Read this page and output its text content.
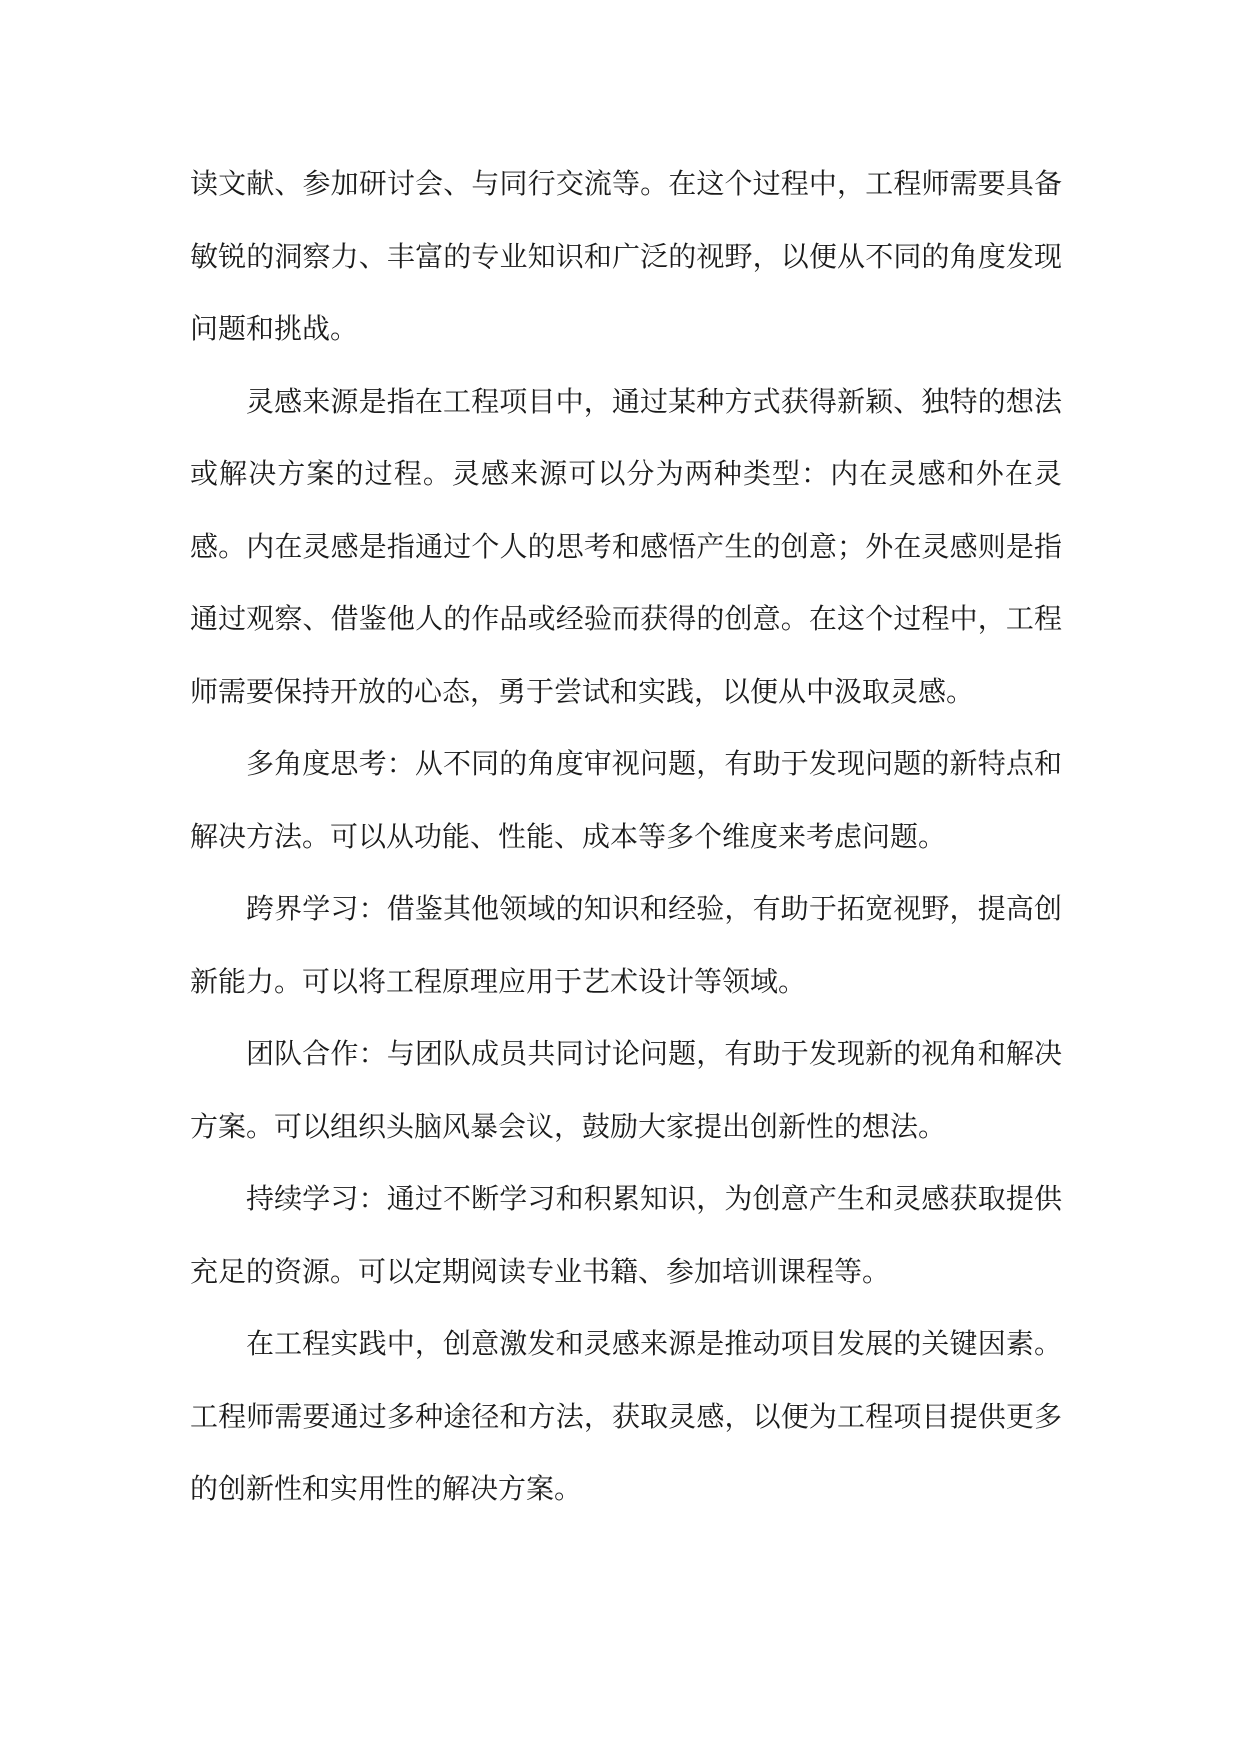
读文献、参加研讨会、与同行交流等。在这个过程中，工程师需要具备敏锐的洞察力、丰富的专业知识和广泛的视野，以便从不同的角度发现问题和挑战。

灵感来源是指在工程项目中，通过某种方式获得新颖、独特的想法或解决方案的过程。灵感来源可以分为两种类型：内在灵感和外在灵感。内在灵感是指通过个人的思考和感悟产生的创意；外在灵感则是指通过观察、借鉴他人的作品或经验而获得的创意。在这个过程中，工程师需要保持开放的心态，勇于尝试和实践，以便从中汲取灵感。

多角度思考：从不同的角度审视问题，有助于发现问题的新特点和解决方法。可以从功能、性能、成本等多个维度来考虑问题。

跨界学习：借鉴其他领域的知识和经验，有助于拓宽视野，提高创新能力。可以将工程原理应用于艺术设计等领域。

团队合作：与团队成员共同讨论问题，有助于发现新的视角和解决方案。可以组织头脑风暴会议，鼓励大家提出创新性的想法。

持续学习：通过不断学习和积累知识，为创意产生和灵感获取提供充足的资源。可以定期阅读专业书籍、参加培训课程等。

在工程实践中，创意激发和灵感来源是推动项目发展的关键因素。工程师需要通过多种途径和方法，获取灵感，以便为工程项目提供更多的创新性和实用性的解决方案。
